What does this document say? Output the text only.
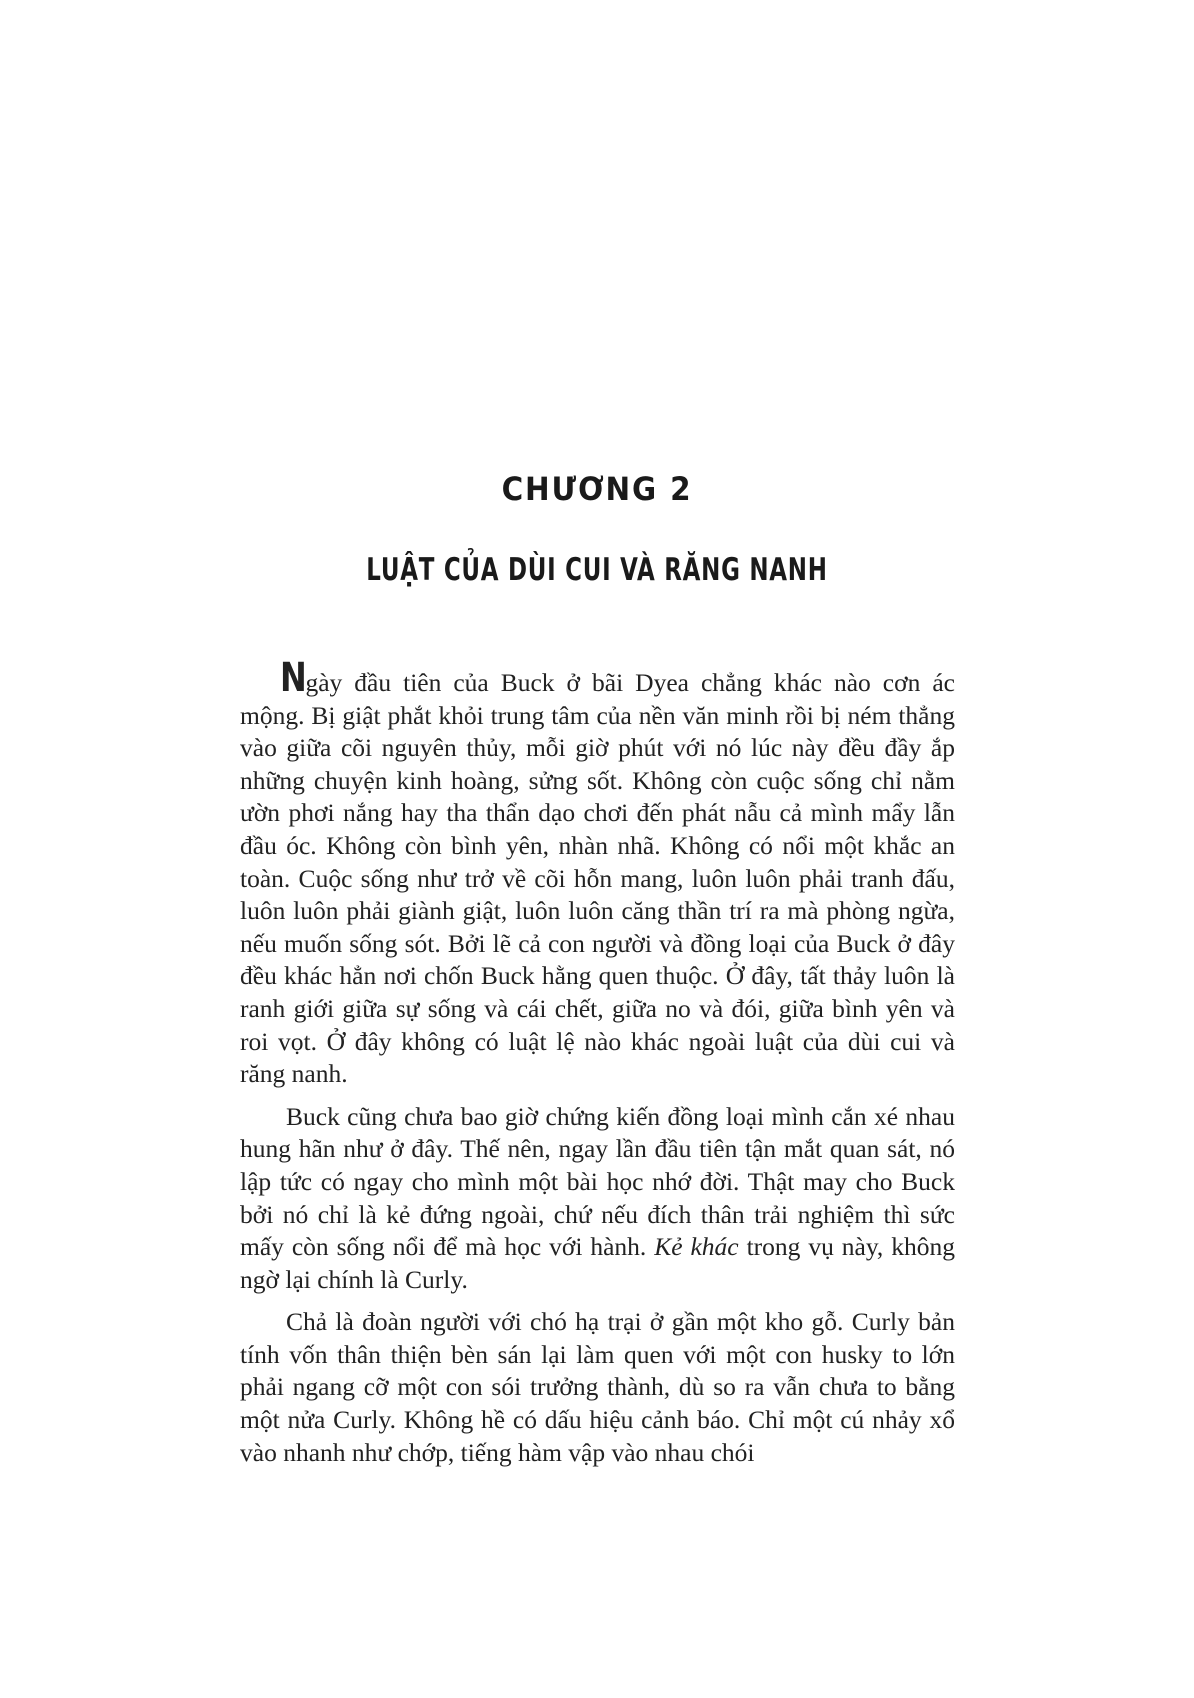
CHƯƠNG 2
LUẬT CỦA DÙI CUI VÀ RĂNG NANH

Ngày đầu tiên của Buck ở bãi Dyea chẳng khác nào cơn ác mộng. Bị giật phắt khỏi trung tâm của nền văn minh rồi bị ném thẳng vào giữa cõi nguyên thủy, mỗi giờ phút với nó lúc này đều đầy ắp những chuyện kinh hoàng, sửng sốt. Không còn cuộc sống chỉ nằm ườn phơi nắng hay tha thẩn dạo chơi đến phát nẫu cả mình mẩy lẫn đầu óc. Không còn bình yên, nhàn nhã. Không có nổi một khắc an toàn. Cuộc sống như trở về cõi hỗn mang, luôn luôn phải tranh đấu, luôn luôn phải giành giật, luôn luôn căng thần trí ra mà phòng ngừa, nếu muốn sống sót. Bởi lẽ cả con người và đồng loại của Buck ở đây đều khác hẳn nơi chốn Buck hằng quen thuộc. Ở đây, tất thảy luôn là ranh giới giữa sự sống và cái chết, giữa no và đói, giữa bình yên và roi vọt. Ở đây không có luật lệ nào khác ngoài luật của dùi cui và răng nanh.

Buck cũng chưa bao giờ chứng kiến đồng loại mình cắn xé nhau hung hãn như ở đây. Thế nên, ngay lần đầu tiên tận mắt quan sát, nó lập tức có ngay cho mình một bài học nhớ đời. Thật may cho Buck bởi nó chỉ là kẻ đứng ngoài, chứ nếu đích thân trải nghiệm thì sức mấy còn sống nổi để mà học với hành. Kẻ khác trong vụ này, không ngờ lại chính là Curly.

Chả là đoàn người với chó hạ trại ở gần một kho gỗ. Curly bản tính vốn thân thiện bèn sán lại làm quen với một con husky to lớn phải ngang cỡ một con sói trưởng thành, dù so ra vẫn chưa to bằng một nửa Curly. Không hề có dấu hiệu cảnh báo. Chỉ một cú nhảy xổ vào nhanh như chớp, tiếng hàm vập vào nhau chói
